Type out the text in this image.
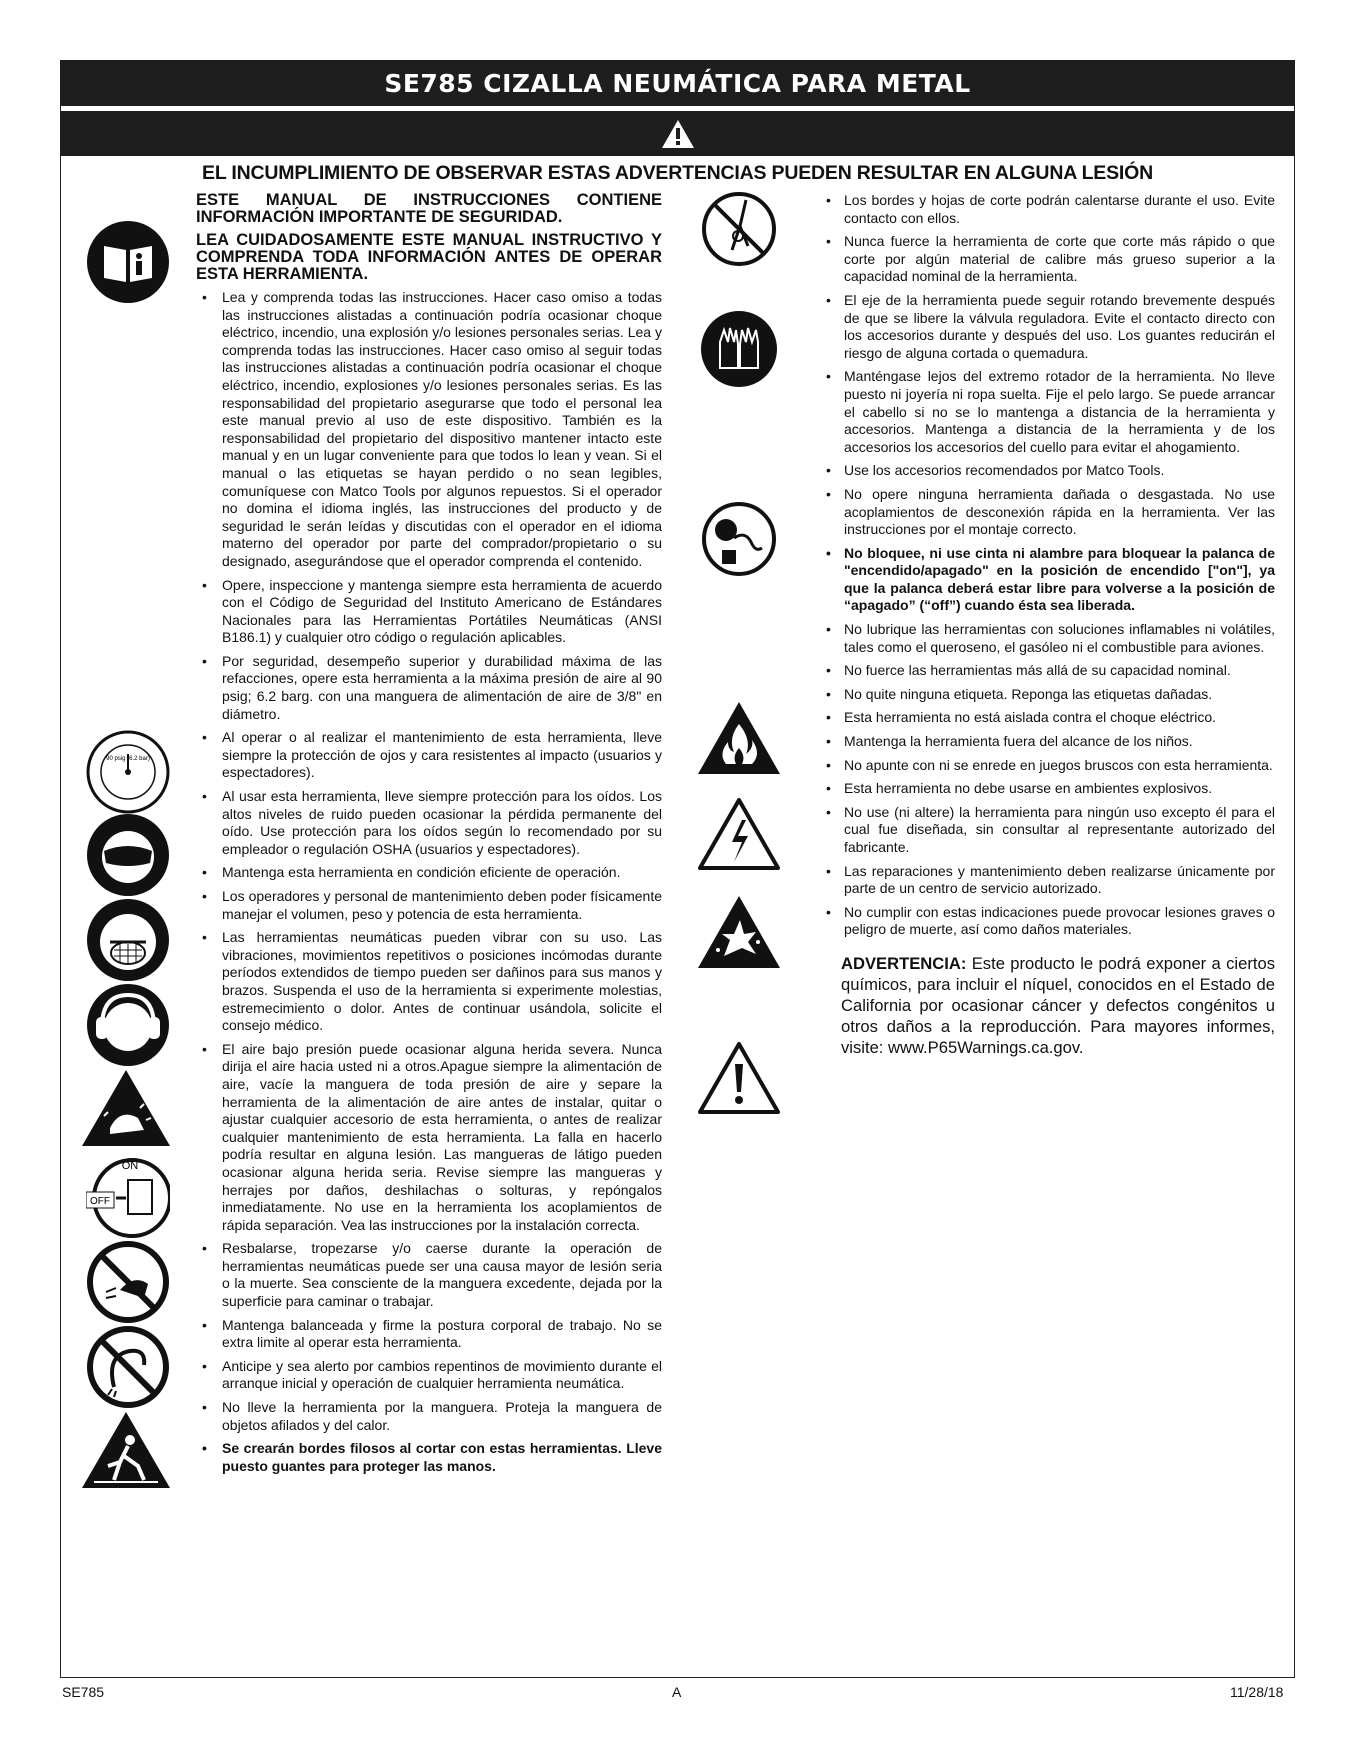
SE785 CIZALLA NEUMÁTICA PARA METAL
EL INCUMPLIMIENTO DE OBSERVAR ESTAS ADVERTENCIAS PUEDEN RESULTAR EN ALGUNA LESIÓN
90 psig (6.2 bar)
ON
OFF

ESTE MANUAL DE INSTRUCCIONES CONTIENE INFORMACIÓN IMPORTANTE DE SEGURIDAD.

LEA CUIDADOSAMENTE ESTE MANUAL INSTRUCTIVO Y COMPRENDA TODA INFORMACIÓN ANTES DE OPERAR ESTA HERRAMIENTA.

• Lea y comprenda todas las instrucciones. Hacer caso omiso a todas las instrucciones alistadas a continuación podría ocasionar choque eléctrico, incendio, una explosión y/o lesiones personales serias. Lea y comprenda todas las instrucciones. Hacer caso omiso al seguir todas las instrucciones alistadas a continuación podría ocasionar el choque eléctrico, incendio, explosiones y/o lesiones personales serias. Es las responsabilidad del propietario asegurarse que todo el personal lea este manual previo al uso de este dispositivo. También es la responsabilidad del propietario del dispositivo mantener intacto este manual y en un lugar conveniente para que todos lo lean y vean. Si el manual o las etiquetas se hayan perdido o no sean legibles, comuníquese con Matco Tools por algunos repuestos. Si el operador no domina el idioma inglés, las instrucciones del producto y de seguridad le serán leídas y discutidas con el operador en el idioma materno del operador por parte del comprador/propietario o su designado, asegurándose que el operador comprenda el contenido.
• Opere, inspeccione y mantenga siempre esta herramienta de acuerdo con el Código de Seguridad del Instituto Americano de Estándares Nacionales para las Herramientas Portátiles Neumáticas (ANSI B186.1) y cualquier otro código o regulación aplicables.
• Por seguridad, desempeño superior y durabilidad máxima de las refacciones, opere esta herramienta a la máxima presión de aire al 90 psig; 6.2 barg. con una manguera de alimentación de aire de 3/8" en diámetro.
• Al operar o al realizar el mantenimiento de esta herramienta, lleve siempre la protección de ojos y cara resistentes al impacto (usuarios y espectadores).
• Al usar esta herramienta, lleve siempre protección para los oídos. Los altos niveles de ruido pueden ocasionar la pérdida permanente del oído. Use protección para los oídos según lo recomendado por su empleador o regulación OSHA (usuarios y espectadores).
• Mantenga esta herramienta en condición eficiente de operación.
• Los operadores y personal de mantenimiento deben poder físicamente manejar el volumen, peso y potencia de esta herramienta.
• Las herramientas neumáticas pueden vibrar con su uso. Las vibraciones, movimientos repetitivos o posiciones incómodas durante períodos extendidos de tiempo pueden ser dañinos para sus manos y brazos. Suspenda el uso de la herramienta si experimente molestias, estremecimiento o dolor. Antes de continuar usándola, solicite el consejo médico.
• El aire bajo presión puede ocasionar alguna herida severa. Nunca dirija el aire hacia usted ni a otros.Apague siempre la alimentación de aire, vacíe la manguera de toda presión de aire y separe la herramienta de la alimentación de aire antes de instalar, quitar o ajustar cualquier accesorio de esta herramienta, o antes de realizar cualquier mantenimiento de esta herramienta. La falla en hacerlo podría resultar en alguna lesión. Las mangueras de látigo pueden ocasionar alguna herida seria. Revise siempre las mangueras y herrajes por daños, deshilachas o solturas, y repóngalos inmediatamente. No use en la herramienta los acoplamientos de rápida separación. Vea las instrucciones por la instalación correcta.
• Resbalarse, tropezarse y/o caerse durante la operación de herramientas neumáticas puede ser una causa mayor de lesión seria o la muerte. Sea consciente de la manguera excedente, dejada por la superficie para caminar o trabajar.
• Mantenga balanceada y firme la postura corporal de trabajo. No se extra limite al operar esta herramienta.
• Anticipe y sea alerto por cambios repentinos de movimiento durante el arranque inicial y operación de cualquier herramienta neumática.
• No lleve la herramienta por la manguera. Proteja la manguera de objetos afilados y del calor.
• Se crearán bordes filosos al cortar con estas herramientas. Lleve puesto guantes para proteger las manos.
• Los bordes y hojas de corte podrán calentarse durante el uso. Evite contacto con ellos.
• Nunca fuerce la herramienta de corte que corte más rápido o que corte por algún material de calibre más grueso superior a la capacidad nominal de la herramienta.
• El eje de la herramienta puede seguir rotando brevemente después de que se libere la válvula reguladora. Evite el contacto directo con los accesorios durante y después del uso. Los guantes reducirán el riesgo de alguna cortada o quemadura.
• Manténgase lejos del extremo rotador de la herramienta. No lleve puesto ni joyería ni ropa suelta. Fije el pelo largo. Se puede arrancar el cabello si no se lo mantenga a distancia de la herramienta y accesorios. Mantenga a distancia de la herramienta y de los accesorios los accesorios del cuello para evitar el ahogamiento.
• Use los accesorios recomendados por Matco Tools.
• No opere ninguna herramienta dañada o desgastada. No use acoplamientos de desconexión rápida en la herramienta. Ver las instrucciones por el montaje correcto.
• No bloquee, ni use cinta ni alambre para bloquear la palanca de "encendido/apagado" en la posición de encendido ["on"], ya que la palanca deberá estar libre para volverse a la posición de “apagado” (“off”) cuando ésta sea liberada.
• No lubrique las herramientas con soluciones inflamables ni volátiles, tales como el queroseno, el gasóleo ni el combustible para aviones.
• No fuerce las herramientas más allá de su capacidad nominal.
• No quite ninguna etiqueta. Reponga las etiquetas dañadas.
• Esta herramienta no está aislada contra el choque eléctrico.
• Mantenga la herramienta fuera del alcance de los niños.
• No apunte con ni se enrede en juegos bruscos con esta herramienta.
• Esta herramienta no debe usarse en ambientes explosivos.
• No use (ni altere) la herramienta para ningún uso excepto él para el cual fue diseñada, sin consultar al representante autorizado del fabricante.
• Las reparaciones y mantenimiento deben realizarse únicamente por parte de un centro de servicio autorizado.
• No cumplir con estas indicaciones puede provocar lesiones graves o peligro de muerte, así como daños materiales.

ADVERTENCIA: Este producto le podrá exponer a ciertos químicos, para incluir el níquel, conocidos en el Estado de California por ocasionar cáncer y defectos congénitos u otros daños a la reproducción. Para mayores informes, visite: www.P65Warnings.ca.gov.

SE785	A	11/28/18
